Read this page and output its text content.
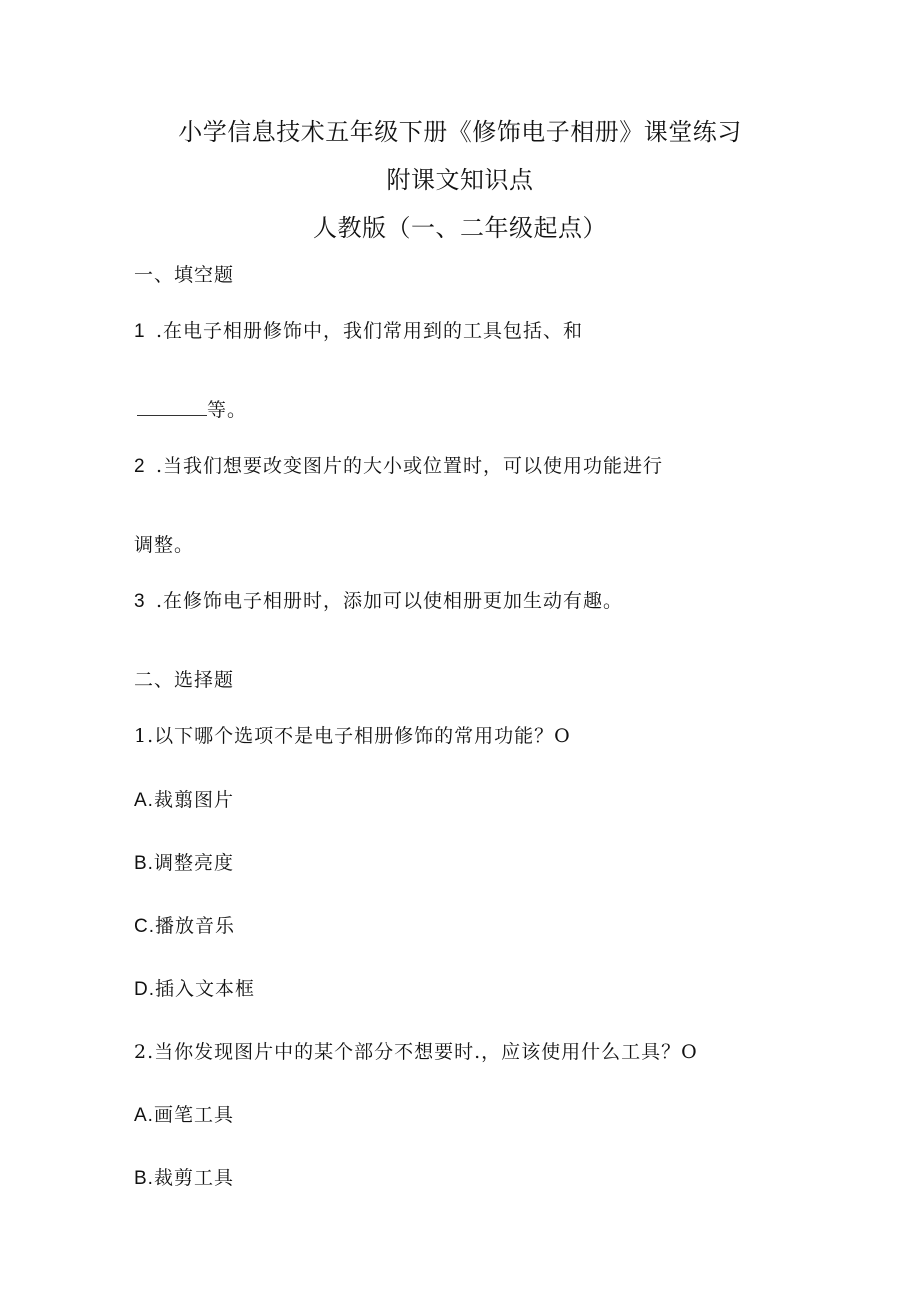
小学信息技术五年级下册《修饰电子相册》课堂练习
附课文知识点
人教版（一、二年级起点）
一、填空题
1 .在电子相册修饰中，我们常用到的工具包括、和
等。
2 .当我们想要改变图片的大小或位置时，可以使用功能进行
调整。
3 .在修饰电子相册时，添加可以使相册更加生动有趣。
二、选择题
1.以下哪个选项不是电子相册修饰的常用功能？O
A.裁翦图片
B.调整亮度
C.播放音乐
D.插入文本框
2.当你发现图片中的某个部分不想要时.，应该使用什么工具？O
A.画笔工具
B.裁剪工具
